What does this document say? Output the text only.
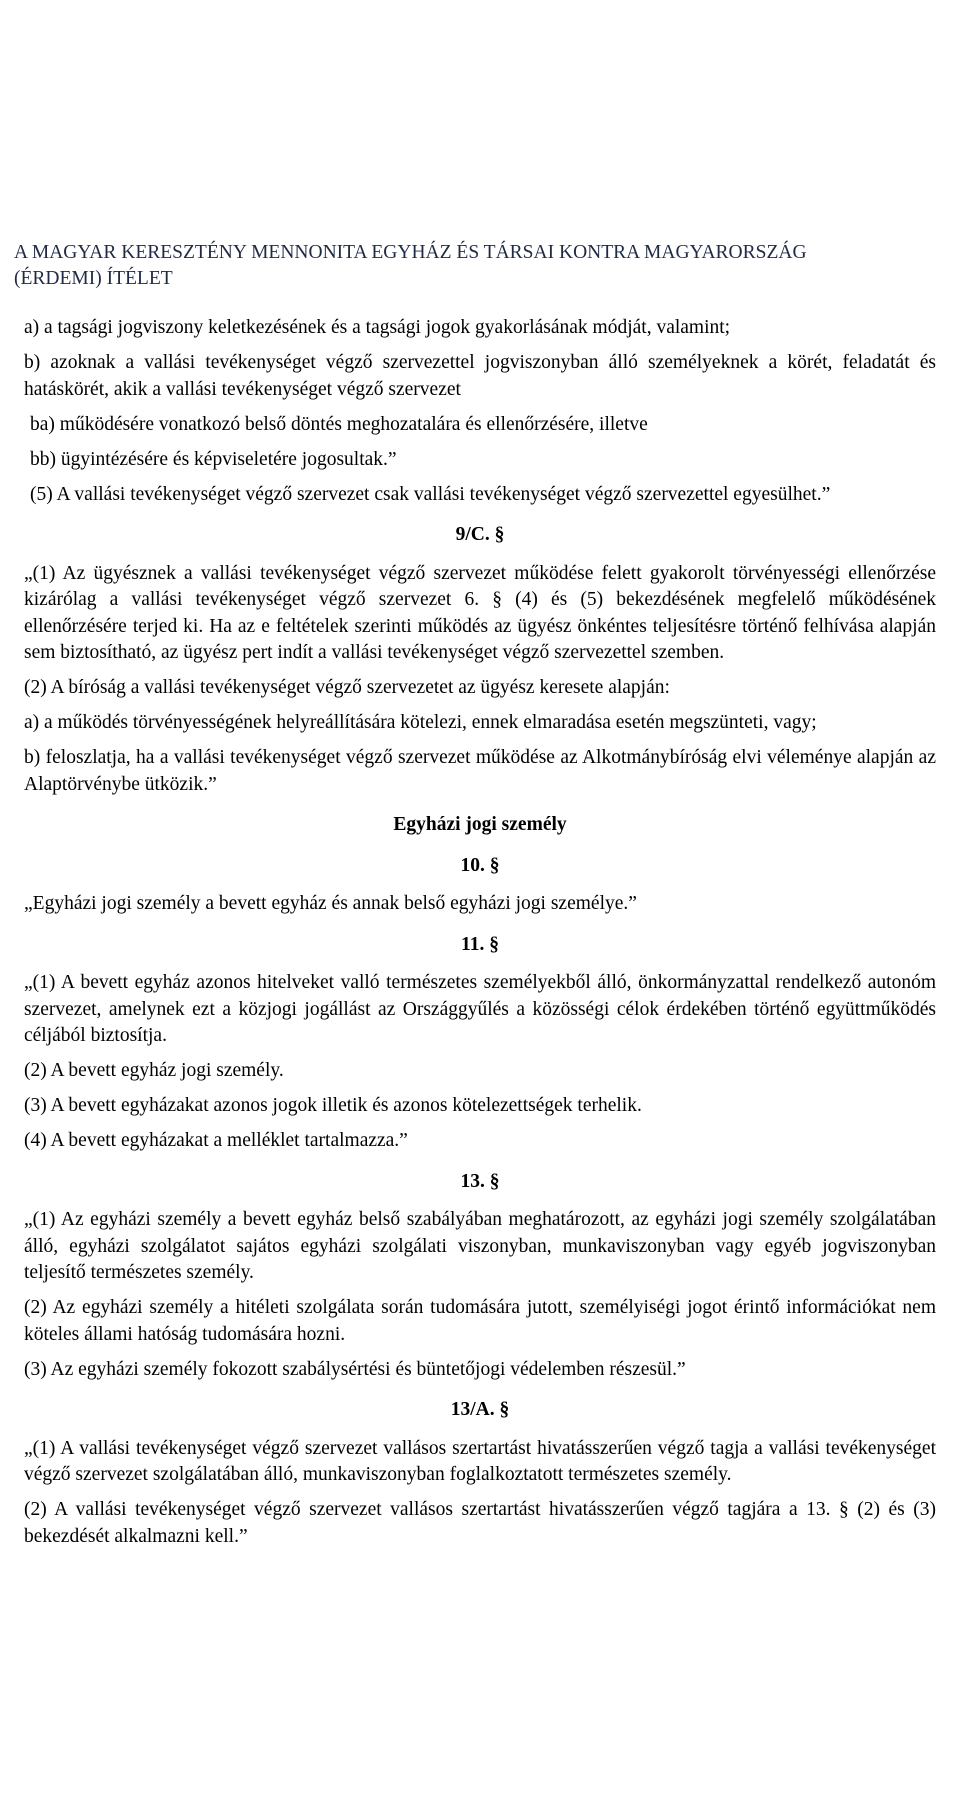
A MAGYAR KERESZTÉNY MENNONITA EGYHÁZ ÉS TÁRSAI KONTRA MAGYARORSZÁG
(ÉRDEMI) ÍTÉLET

a) a tagsági jogviszony keletkezésének és a tagsági jogok gyakorlásának módját, valamint;

b) azoknak a vallási tevékenységet végző szervezettel jogviszonyban álló személyeknek a körét, feladatát és hatáskörét, akik a vallási tevékenységet végző szervezet

ba) működésére vonatkozó belső döntés meghozatalára és ellenőrzésére, illetve

bb) ügyintézésére és képviseletére jogosultak.”

(5) A vallási tevékenységet végző szervezet csak vallási tevékenységet végző szervezettel egyesülhet.”

9/C. §

„(1) Az ügyésznek a vallási tevékenységet végző szervezet működése felett gyakorolt törvényességi ellenőrzése kizárólag a vallási tevékenységet végző szervezet 6. § (4) és (5) bekezdésének megfelelő működésének ellenőrzésére terjed ki. Ha az e feltételek szerinti működés az ügyész önkéntes teljesítésre történő felhívása alapján sem biztosítható, az ügyész pert indít a vallási tevékenységet végző szervezettel szemben.

(2) A bíróság a vallási tevékenységet végző szervezetet az ügyész keresete alapján:

a) a működés törvényességének helyreállítására kötelezi, ennek elmaradása esetén megszünteti, vagy;

b) feloszlatja, ha a vallási tevékenységet végző szervezet működése az Alkotmánybíróság elvi véleménye alapján az Alaptörvénybe ütközik.”

Egyházi jogi személy
10. §

„Egyházi jogi személy a bevett egyház és annak belső egyházi jogi személye.”

11. §

„(1) A bevett egyház azonos hitelveket valló természetes személyekből álló, önkormányzattal rendelkező autonóm szervezet, amelynek ezt a közjogi jogállást az Országgyűlés a közösségi célok érdekében történő együttműködés céljából biztosítja.

(2) A bevett egyház jogi személy.

(3) A bevett egyházakat azonos jogok illetik és azonos kötelezettségek terhelik.

(4) A bevett egyházakat a melléklet tartalmazza.”

13. §

„(1) Az egyházi személy a bevett egyház belső szabályában meghatározott, az egyházi jogi személy szolgálatában álló, egyházi szolgálatot sajátos egyházi szolgálati viszonyban, munkaviszonyban vagy egyéb jogviszonyban teljesítő természetes személy.

(2) Az egyházi személy a hitéleti szolgálata során tudomására jutott, személyiségi jogot érintő információkat nem köteles állami hatóság tudomására hozni.

(3) Az egyházi személy fokozott szabálysértési és büntetőjogi védelemben részesül.”

13/A. §

„(1) A vallási tevékenységet végző szervezet vallásos szertartást hivatásszerűen végző tagja a vallási tevékenységet végző szervezet szolgálatában álló, munkaviszonyban foglalkoztatott természetes személy.

(2) A vallási tevékenységet végző szervezet vallásos szertartást hivatásszerűen végző tagjára a 13. § (2) és (3) bekezdését alkalmazni kell.”
